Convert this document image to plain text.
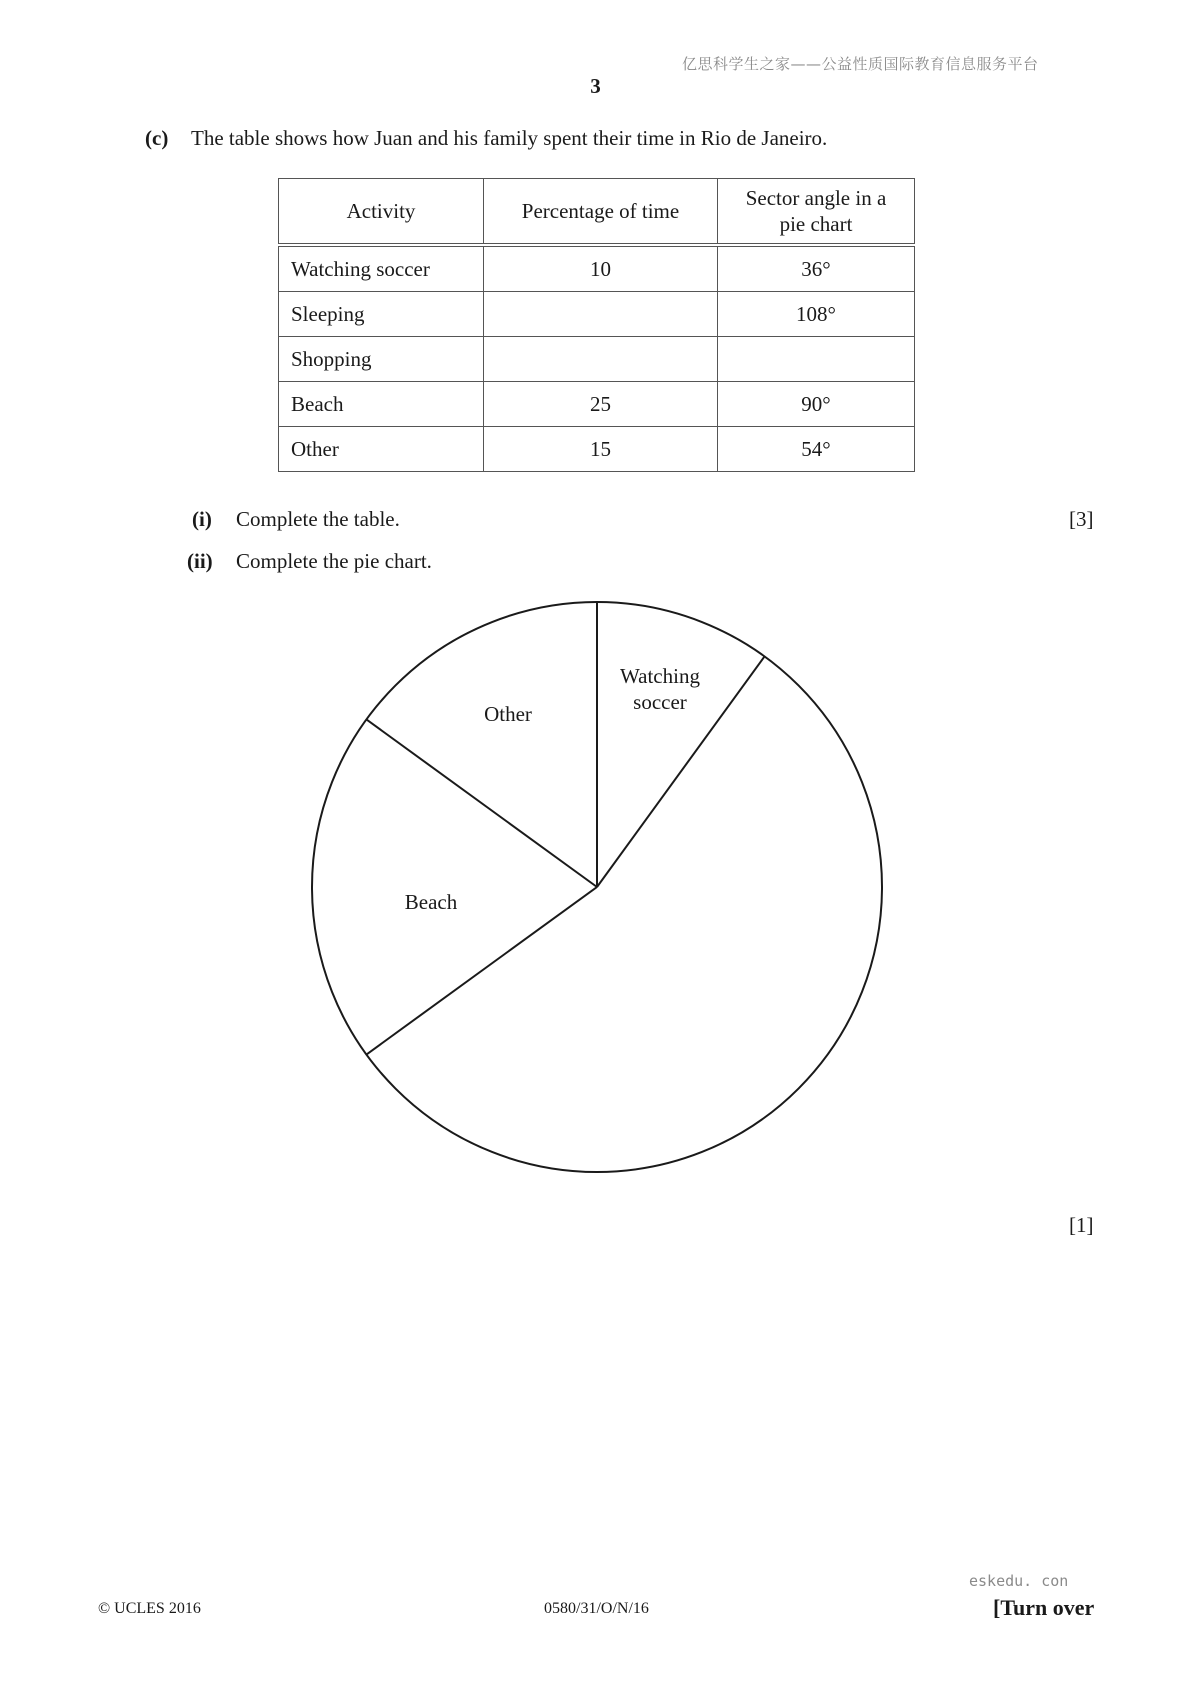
亿思科学生之家——公益性质国际教育信息服务平台
3
(c) The table shows how Juan and his family spent their time in Rio de Janeiro.
Activity	Percentage of time	Sector angle in a pie chart
Watching soccer	10	36°
Sleeping		108°
Shopping		
Beach	25	90°
Other	15	54°
(i) Complete the table.	[3]
(ii) Complete the pie chart.
Watching
soccer
Other
Beach
[1]
eskedu. con
© UCLES 2016	0580/31/O/N/16	[Turn over
